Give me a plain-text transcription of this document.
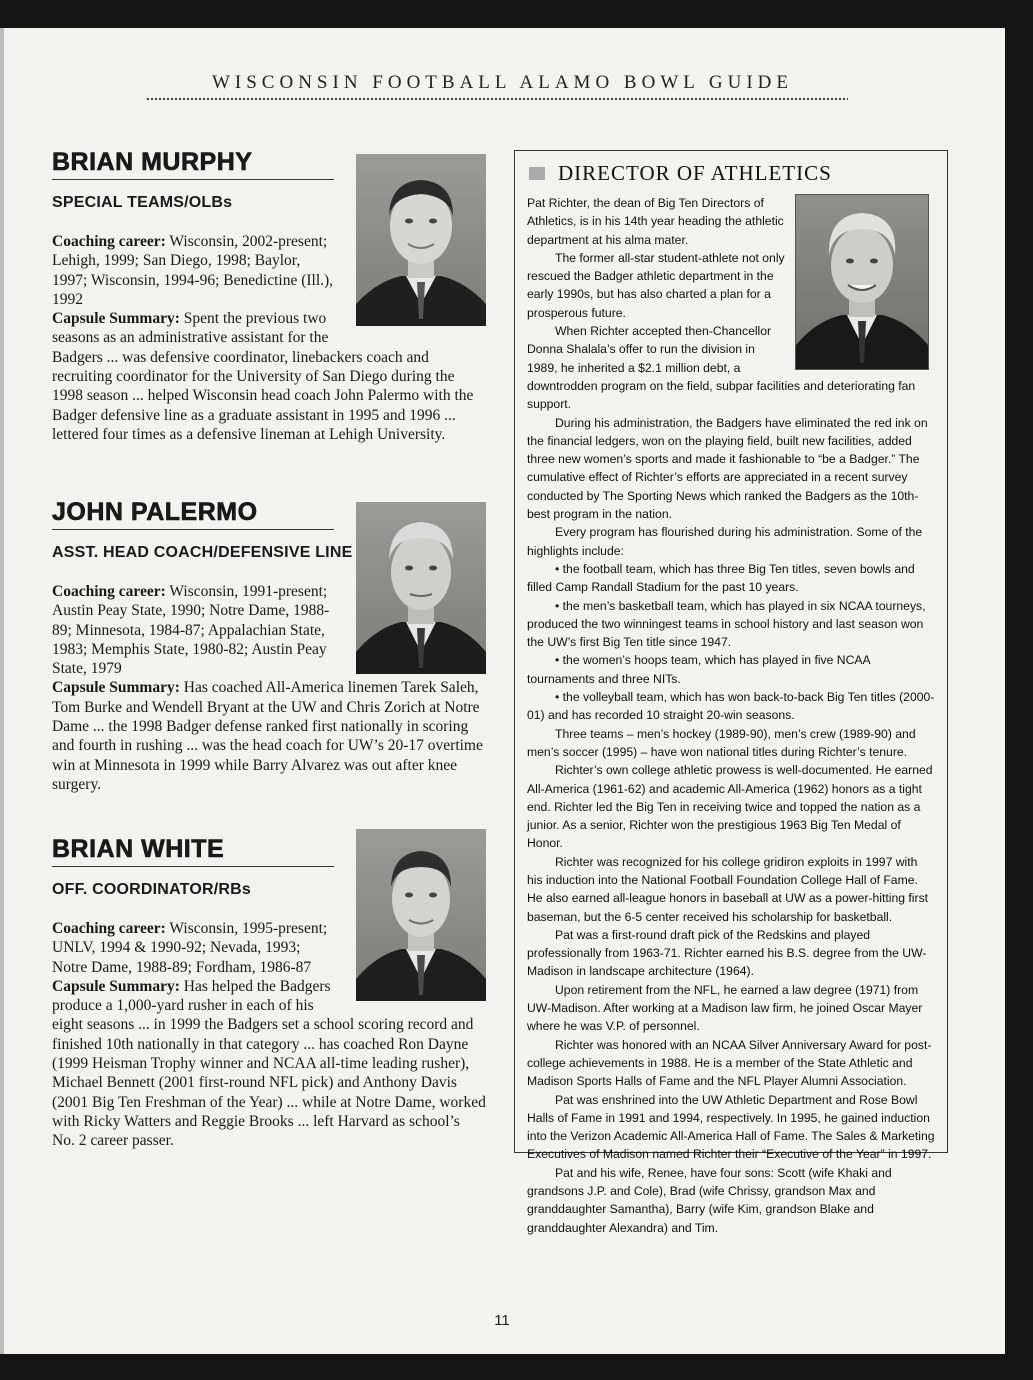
WISCONSIN FOOTBALL ALAMO BOWL GUIDE
BRIAN MURPHY
SPECIAL TEAMS/OLBs
Coaching career: Wisconsin, 2002-present; Lehigh, 1999; San Diego, 1998; Baylor, 1997; Wisconsin, 1994-96; Benedictine (Ill.), 1992
Capsule Summary: Spent the previous two seasons as an administrative assistant for the Badgers ... was defensive coordinator, linebackers coach and recruiting coordinator for the University of San Diego during the 1998 season ... helped Wisconsin head coach John Palermo with the Badger defensive line as a graduate assistant in 1995 and 1996 ... lettered four times as a defensive lineman at Lehigh University.
JOHN PALERMO
ASST. HEAD COACH/DEFENSIVE LINE
Coaching career: Wisconsin, 1991-present; Austin Peay State, 1990; Notre Dame, 1988-89; Minnesota, 1984-87; Appalachian State, 1983; Memphis State, 1980-82; Austin Peay State, 1979
Capsule Summary: Has coached All-America linemen Tarek Saleh, Tom Burke and Wendell Bryant at the UW and Chris Zorich at Notre Dame ... the 1998 Badger defense ranked first nationally in scoring and fourth in rushing ... was the head coach for UW’s 20-17 overtime win at Minnesota in 1999 while Barry Alvarez was out after knee surgery.
BRIAN WHITE
OFF. COORDINATOR/RBs
Coaching career: Wisconsin, 1995-present; UNLV, 1994 & 1990-92; Nevada, 1993; Notre Dame, 1988-89; Fordham, 1986-87
Capsule Summary: Has helped the Badgers produce a 1,000-yard rusher in each of his eight seasons ... in 1999 the Badgers set a school scoring record and finished 10th nationally in that category ... has coached Ron Dayne (1999 Heisman Trophy winner and NCAA all-time leading rusher), Michael Bennett (2001 first-round NFL pick) and Anthony Davis (2001 Big Ten Freshman of the Year) ... while at Notre Dame, worked with Ricky Watters and Reggie Brooks ... left Harvard as school’s No. 2 career passer.
DIRECTOR OF ATHLETICS

Pat Richter, the dean of Big Ten Directors of Athletics, is in his 14th year heading the athletic department at his alma mater.

The former all-star student-athlete not only rescued the Badger athletic department in the early 1990s, but has also charted a plan for a prosperous future.

When Richter accepted then-Chancellor Donna Shalala’s offer to run the division in 1989, he inherited a $2.1 million debt, a downtrodden program on the field, subpar facilities and deteriorating fan support.

During his administration, the Badgers have eliminated the red ink on the financial ledgers, won on the playing field, built new facilities, added three new women’s sports and made it fashionable to “be a Badger.” The cumulative effect of Richter’s efforts are appreciated in a recent survey conducted by The Sporting News which ranked the Badgers as the 10th-best program in the nation.

Every program has flourished during his administration. Some of the highlights include:

• the football team, which has three Big Ten titles, seven bowls and filled Camp Randall Stadium for the past 10 years.

• the men’s basketball team, which has played in six NCAA tourneys, produced the two winningest teams in school history and last season won the UW’s first Big Ten title since 1947.

• the women’s hoops team, which has played in five NCAA tournaments and three NITs.

• the volleyball team, which has won back-to-back Big Ten titles (2000-01) and has recorded 10 straight 20-win seasons.

Three teams – men’s hockey (1989-90), men’s crew (1989-90) and men’s soccer (1995) – have won national titles during Richter’s tenure.

Richter’s own college athletic prowess is well-documented. He earned All-America (1961-62) and academic All-America (1962) honors as a tight end. Richter led the Big Ten in receiving twice and topped the nation as a junior. As a senior, Richter won the prestigious 1963 Big Ten Medal of Honor.

Richter was recognized for his college gridiron exploits in 1997 with his induction into the National Football Foundation College Hall of Fame. He also earned all-league honors in baseball at UW as a power-hitting first baseman, but the 6-5 center received his scholarship for basketball.

Pat was a first-round draft pick of the Redskins and played professionally from 1963-71. Richter earned his B.S. degree from the UW-Madison in landscape architecture (1964).

Upon retirement from the NFL, he earned a law degree (1971) from UW-Madison. After working at a Madison law firm, he joined Oscar Mayer where he was V.P. of personnel.

Richter was honored with an NCAA Silver Anniversary Award for post-college achievements in 1988. He is a member of the State Athletic and Madison Sports Halls of Fame and the NFL Player Alumni Association.

Pat was enshrined into the UW Athletic Department and Rose Bowl Halls of Fame in 1991 and 1994, respectively. In 1995, he gained induction into the Verizon Academic All-America Hall of Fame. The Sales & Marketing Executives of Madison named Richter their “Executive of the Year” in 1997.

Pat and his wife, Renee, have four sons: Scott (wife Khaki and grandsons J.P. and Cole), Brad (wife Chrissy, grandson Max and granddaughter Samantha), Barry (wife Kim, grandson Blake and granddaughter Alexandra) and Tim.

11
